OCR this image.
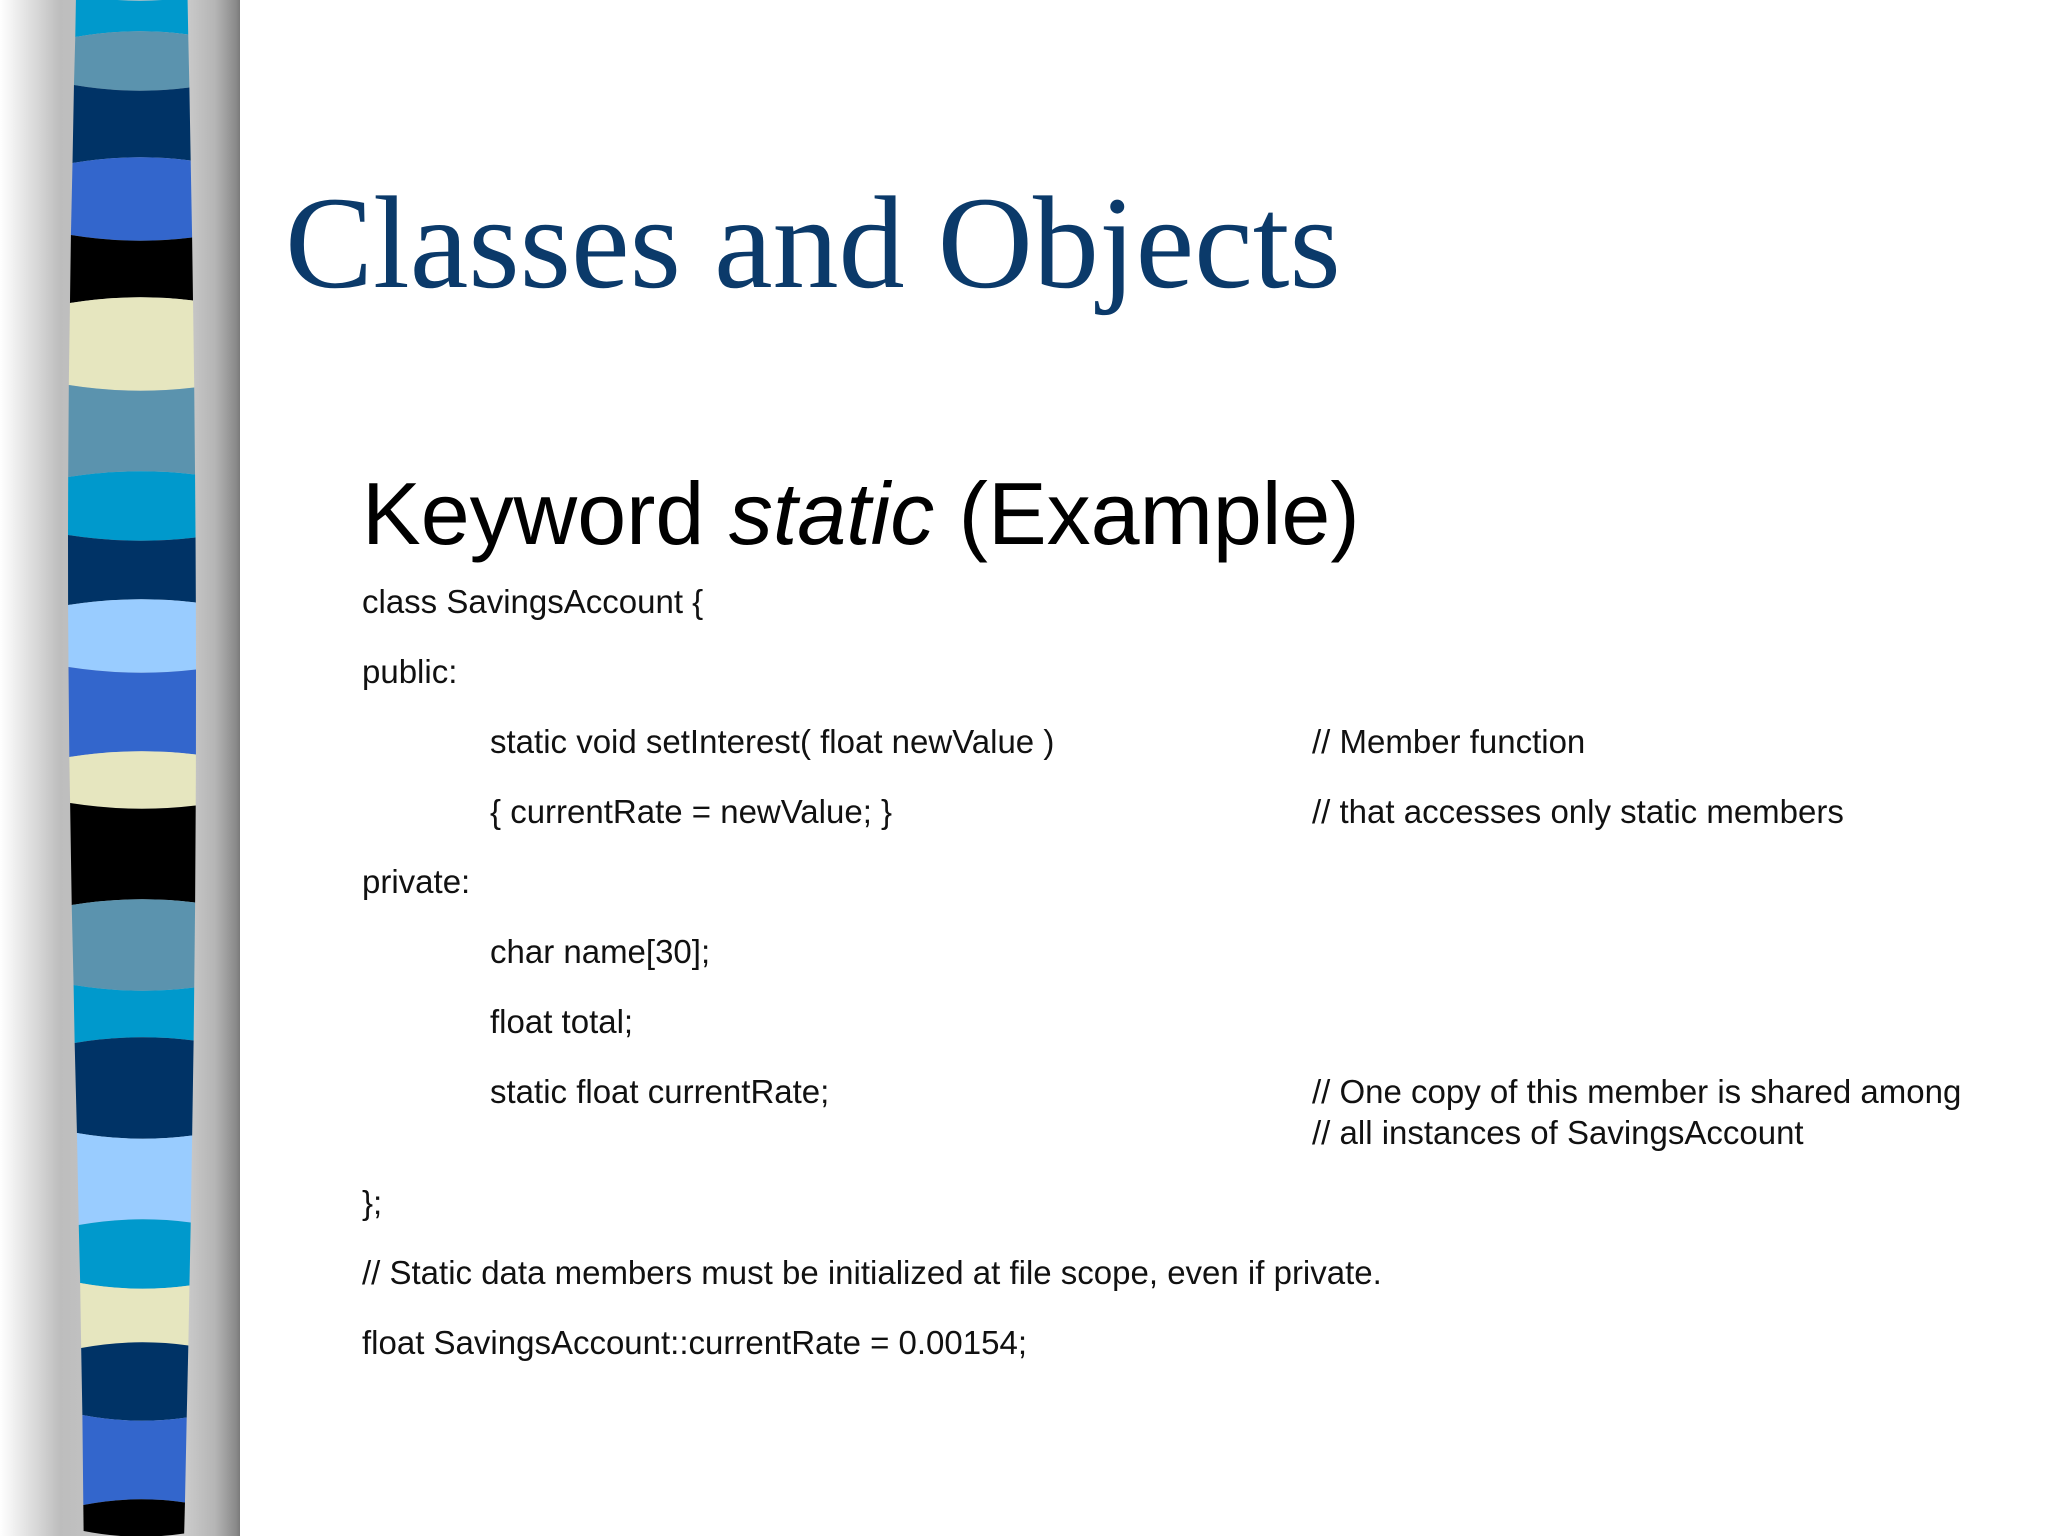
Classes and Objects
Keyword static (Example)
class SavingsAccount {
public:
static void setInterest( float newValue )	// Member function
{ currentRate = newValue; }	// that accesses only static members
private:
char name[30];
float total;
static float currentRate;	// One copy of this member is shared among
// all instances of SavingsAccount
};
// Static data members must be initialized at file scope, even if private.
float SavingsAccount::currentRate = 0.00154;
